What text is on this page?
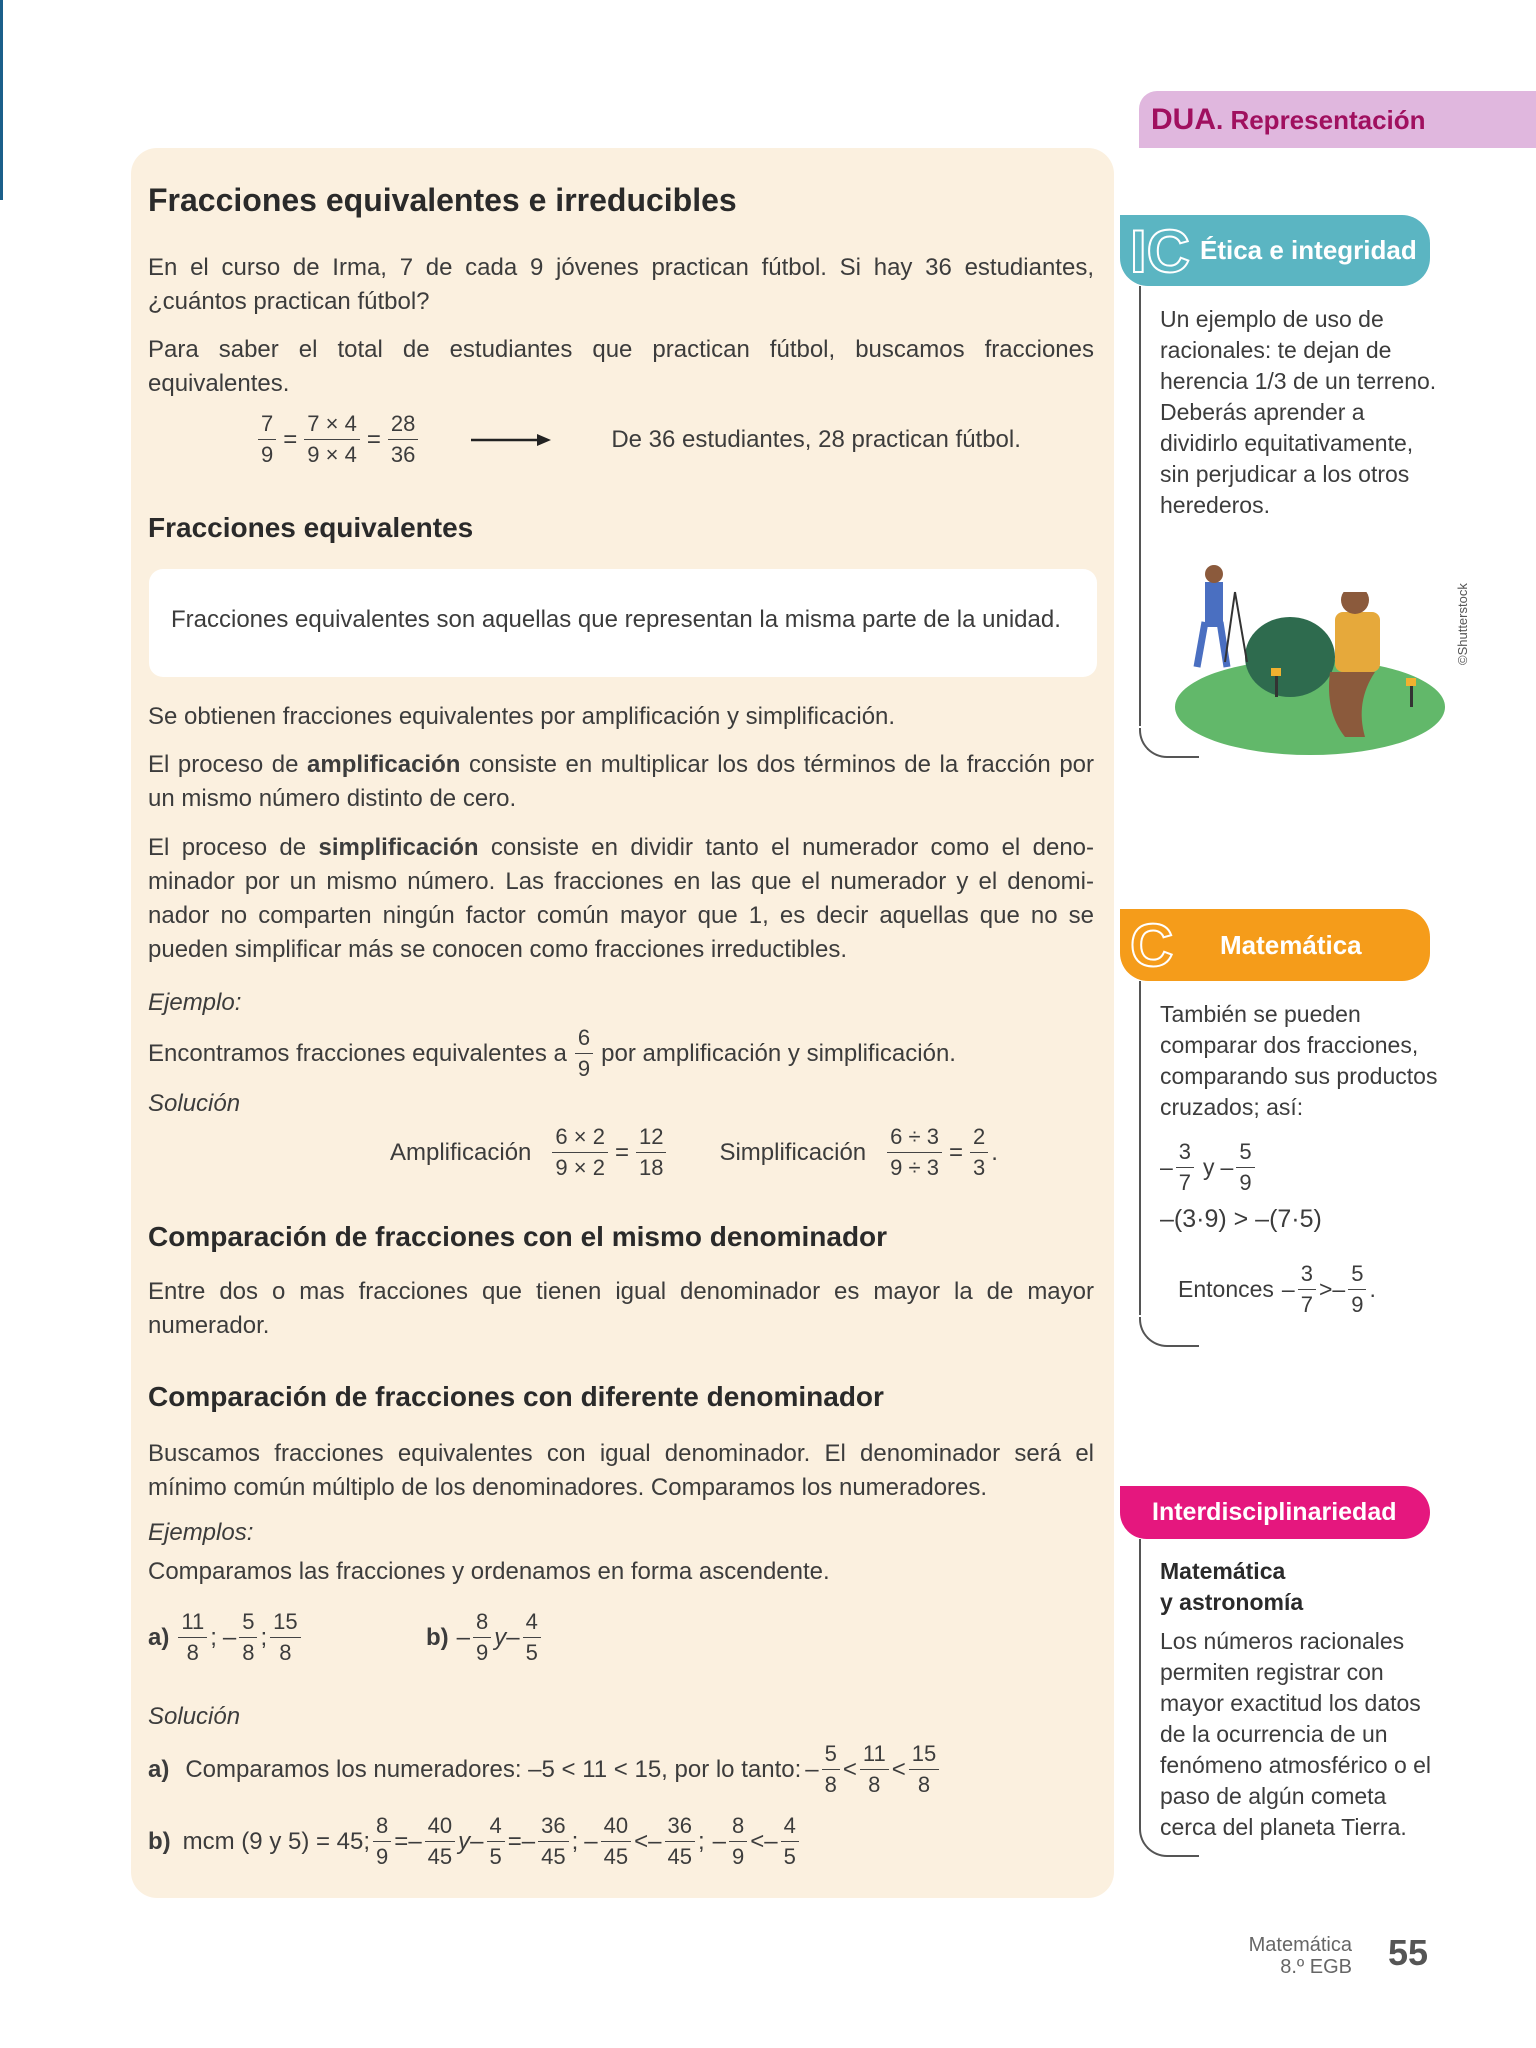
DUA. Representación
Fracciones equivalentes e irreducibles

En el curso de Irma, 7 de cada 9 jóvenes practican fútbol. Si hay 36 estudiantes, ¿cuántos practican fútbol?

Para saber el total de estudiantes que practican fútbol, buscamos fracciones equivalentes.

$\frac{7}{9} = \frac{7 \times 4}{9 \times 4} = \frac{28}{36}$	De 36 estudiantes, 28 practican fútbol.
Fracciones equivalentes
Fracciones equivalentes son aquellas que representan la misma parte de la unidad.

Se obtienen fracciones equivalentes por amplificación y simplificación.

El proceso de amplificación consiste en multiplicar los dos términos de la fracción por un mismo número distinto de cero.

El proceso de simplificación consiste en dividir tanto el numerador como el denominador por un mismo número. Las fracciones en las que el numerador y el denominador no comparten ningún factor común mayor que 1, es decir aquellas que no se pueden simplificar más se conocen como fracciones irreductibles.

Ejemplo:

Encontramos fracciones equivalentes a $\frac{6}{9}$ por amplificación y simplificación.

Solución

Amplificación $\frac{6 \times 2}{9 \times 2} = \frac{12}{18}$ Simplificación $\frac{6 \div 3}{9 \div 3} = \frac{2}{3}$ .
Comparación de fracciones con el mismo denominador

Entre dos o mas fracciones que tienen igual denominador es mayor la de mayor numerador.

Comparación de fracciones con diferente denominador

Buscamos fracciones equivalentes con igual denominador. El denominador será el mínimo común múltiplo de los denominadores. Comparamos los numeradores.

Ejemplos:

Comparamos las fracciones y ordenamos en forma ascendente.

$a) \frac{11}{8}$ ; – $\frac{5}{8}$ ; $\frac{15}{8}$	$b) - \frac{8}{9}$ y – $\frac{4}{5}$

Solución

a) Comparamos los numeradores: –5 < 11 < 15, por lo tanto: – $\frac{5}{8} < \frac{11}{8} < \frac{15}{8}$
b) mcm (9 y 5) = 45; $\frac{8}{9}$ = – $\frac{40}{45}$ y – $\frac{4}{5}$ = – $\frac{36}{45}$ ; – $\frac{40}{45}$ < – $\frac{36}{45}$ ; – $\frac{8}{9}$ < – $\frac{4}{5}$
IC Ética e integridad

Un ejemplo de uso de racionales: te dejan de herencia 1/3 de un terreno. Deberás aprender a dividirlo equitativamente, sin perjudicar a los otros herederos.

©Shutterstock
C Matemática

También se pueden comparar dos fracciones, comparando sus productos cruzados; así:

– $\frac{3}{7}$ y – $\frac{5}{9}$
–(3·9) > –(7·5)
Entonces – $\frac{3}{7}$ > – $\frac{5}{9}$ .
Interdisciplinariedad

Matemática
y astronomía

Los números racionales permiten registrar con mayor exactitud los datos de la ocurrencia de un fenómeno atmosférico o el paso de algún cometa cerca del planeta Tierra.

Matemática
8.º EGB 55
